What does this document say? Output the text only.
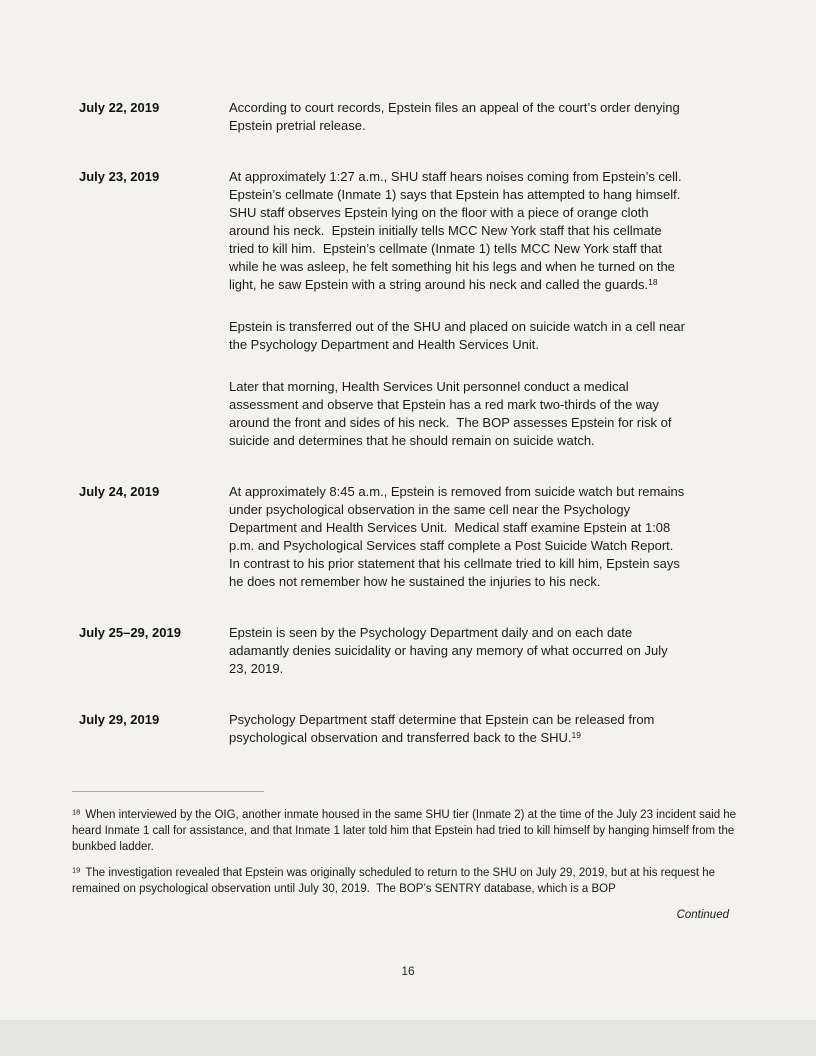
July 22, 2019	According to court records, Epstein files an appeal of the court’s order denying Epstein pretrial release.

July 23, 2019	At approximately 1:27 a.m., SHU staff hears noises coming from Epstein’s cell.  Epstein’s cellmate (Inmate 1) says that Epstein has attempted to hang himself.  SHU staff observes Epstein lying on the floor with a piece of orange cloth around his neck.  Epstein initially tells MCC New York staff that his cellmate tried to kill him.  Epstein’s cellmate (Inmate 1) tells MCC New York staff that while he was asleep, he felt something hit his legs and when he turned on the light, he saw Epstein with a string around his neck and called the guards.$^{18}$

Epstein is transferred out of the SHU and placed on suicide watch in a cell near the Psychology Department and Health Services Unit.

Later that morning, Health Services Unit personnel conduct a medical assessment and observe that Epstein has a red mark two-thirds of the way around the front and sides of his neck.  The BOP assesses Epstein for risk of suicide and determines that he should remain on suicide watch.

July 24, 2019	At approximately 8:45 a.m., Epstein is removed from suicide watch but remains under psychological observation in the same cell near the Psychology Department and Health Services Unit.  Medical staff examine Epstein at 1:08 p.m. and Psychological Services staff complete a Post Suicide Watch Report.  In contrast to his prior statement that his cellmate tried to kill him, Epstein says he does not remember how he sustained the injuries to his neck.

July 25–29, 2019	Epstein is seen by the Psychology Department daily and on each date adamantly denies suicidality or having any memory of what occurred on July 23, 2019.

July 29, 2019	Psychology Department staff determine that Epstein can be released from psychological observation and transferred back to the SHU.$^{19}$

$^{18}$ When interviewed by the OIG, another inmate housed in the same SHU tier (Inmate 2) at the time of the July 23 incident said he heard Inmate 1 call for assistance, and that Inmate 1 later told him that Epstein had tried to kill himself by hanging himself from the bunkbed ladder.

$^{19}$ The investigation revealed that Epstein was originally scheduled to return to the SHU on July 29, 2019, but at his request he remained on psychological observation until July 30, 2019.  The BOP’s SENTRY database, which is a BOP

Continued
16
